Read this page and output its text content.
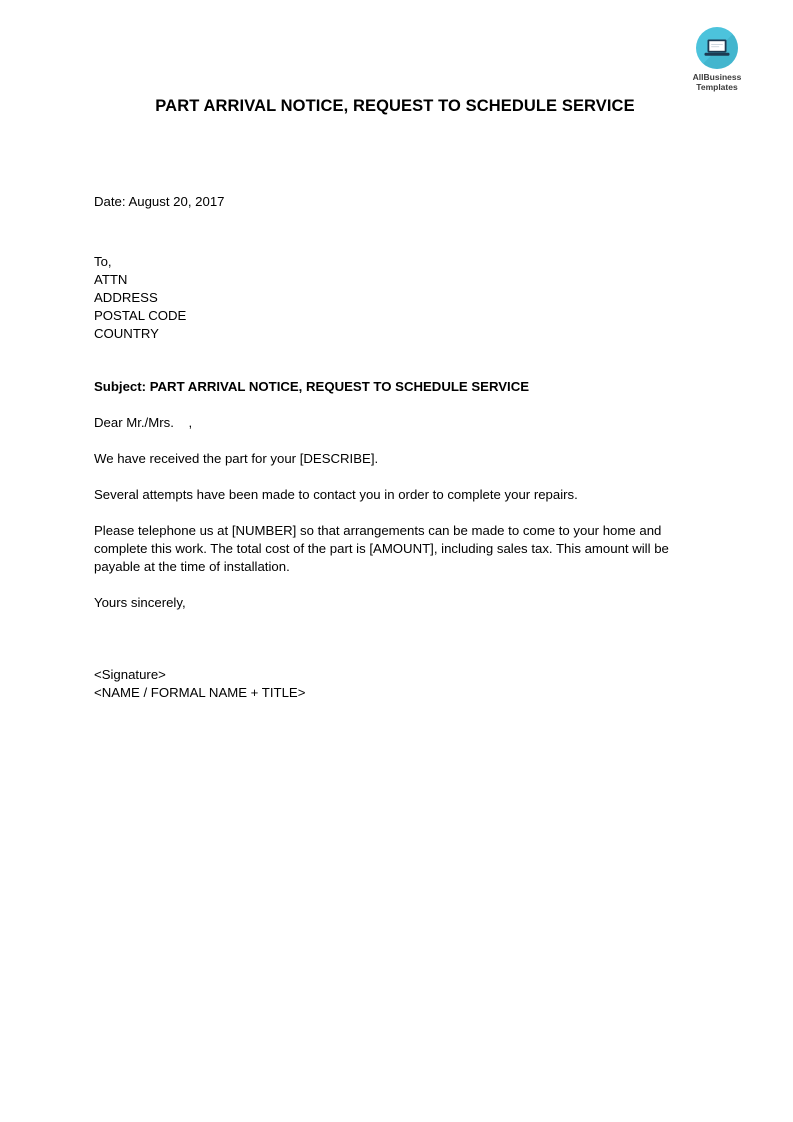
AllBusiness
Templates
PART ARRIVAL NOTICE, REQUEST TO SCHEDULE SERVICE
Date: August 20, 2017
To,
ATTN
ADDRESS
POSTAL CODE
COUNTRY
Subject: PART ARRIVAL NOTICE, REQUEST TO SCHEDULE SERVICE
Dear Mr./Mrs.    ,
We have received the part for your [DESCRIBE].
Several attempts have been made to contact you in order to complete your repairs.
Please telephone us at [NUMBER] so that arrangements can be made to come to your home and complete this work. The total cost of the part is [AMOUNT], including sales tax. This amount will be payable at the time of installation.
Yours sincerely,
<Signature>
<NAME / FORMAL NAME + TITLE>
